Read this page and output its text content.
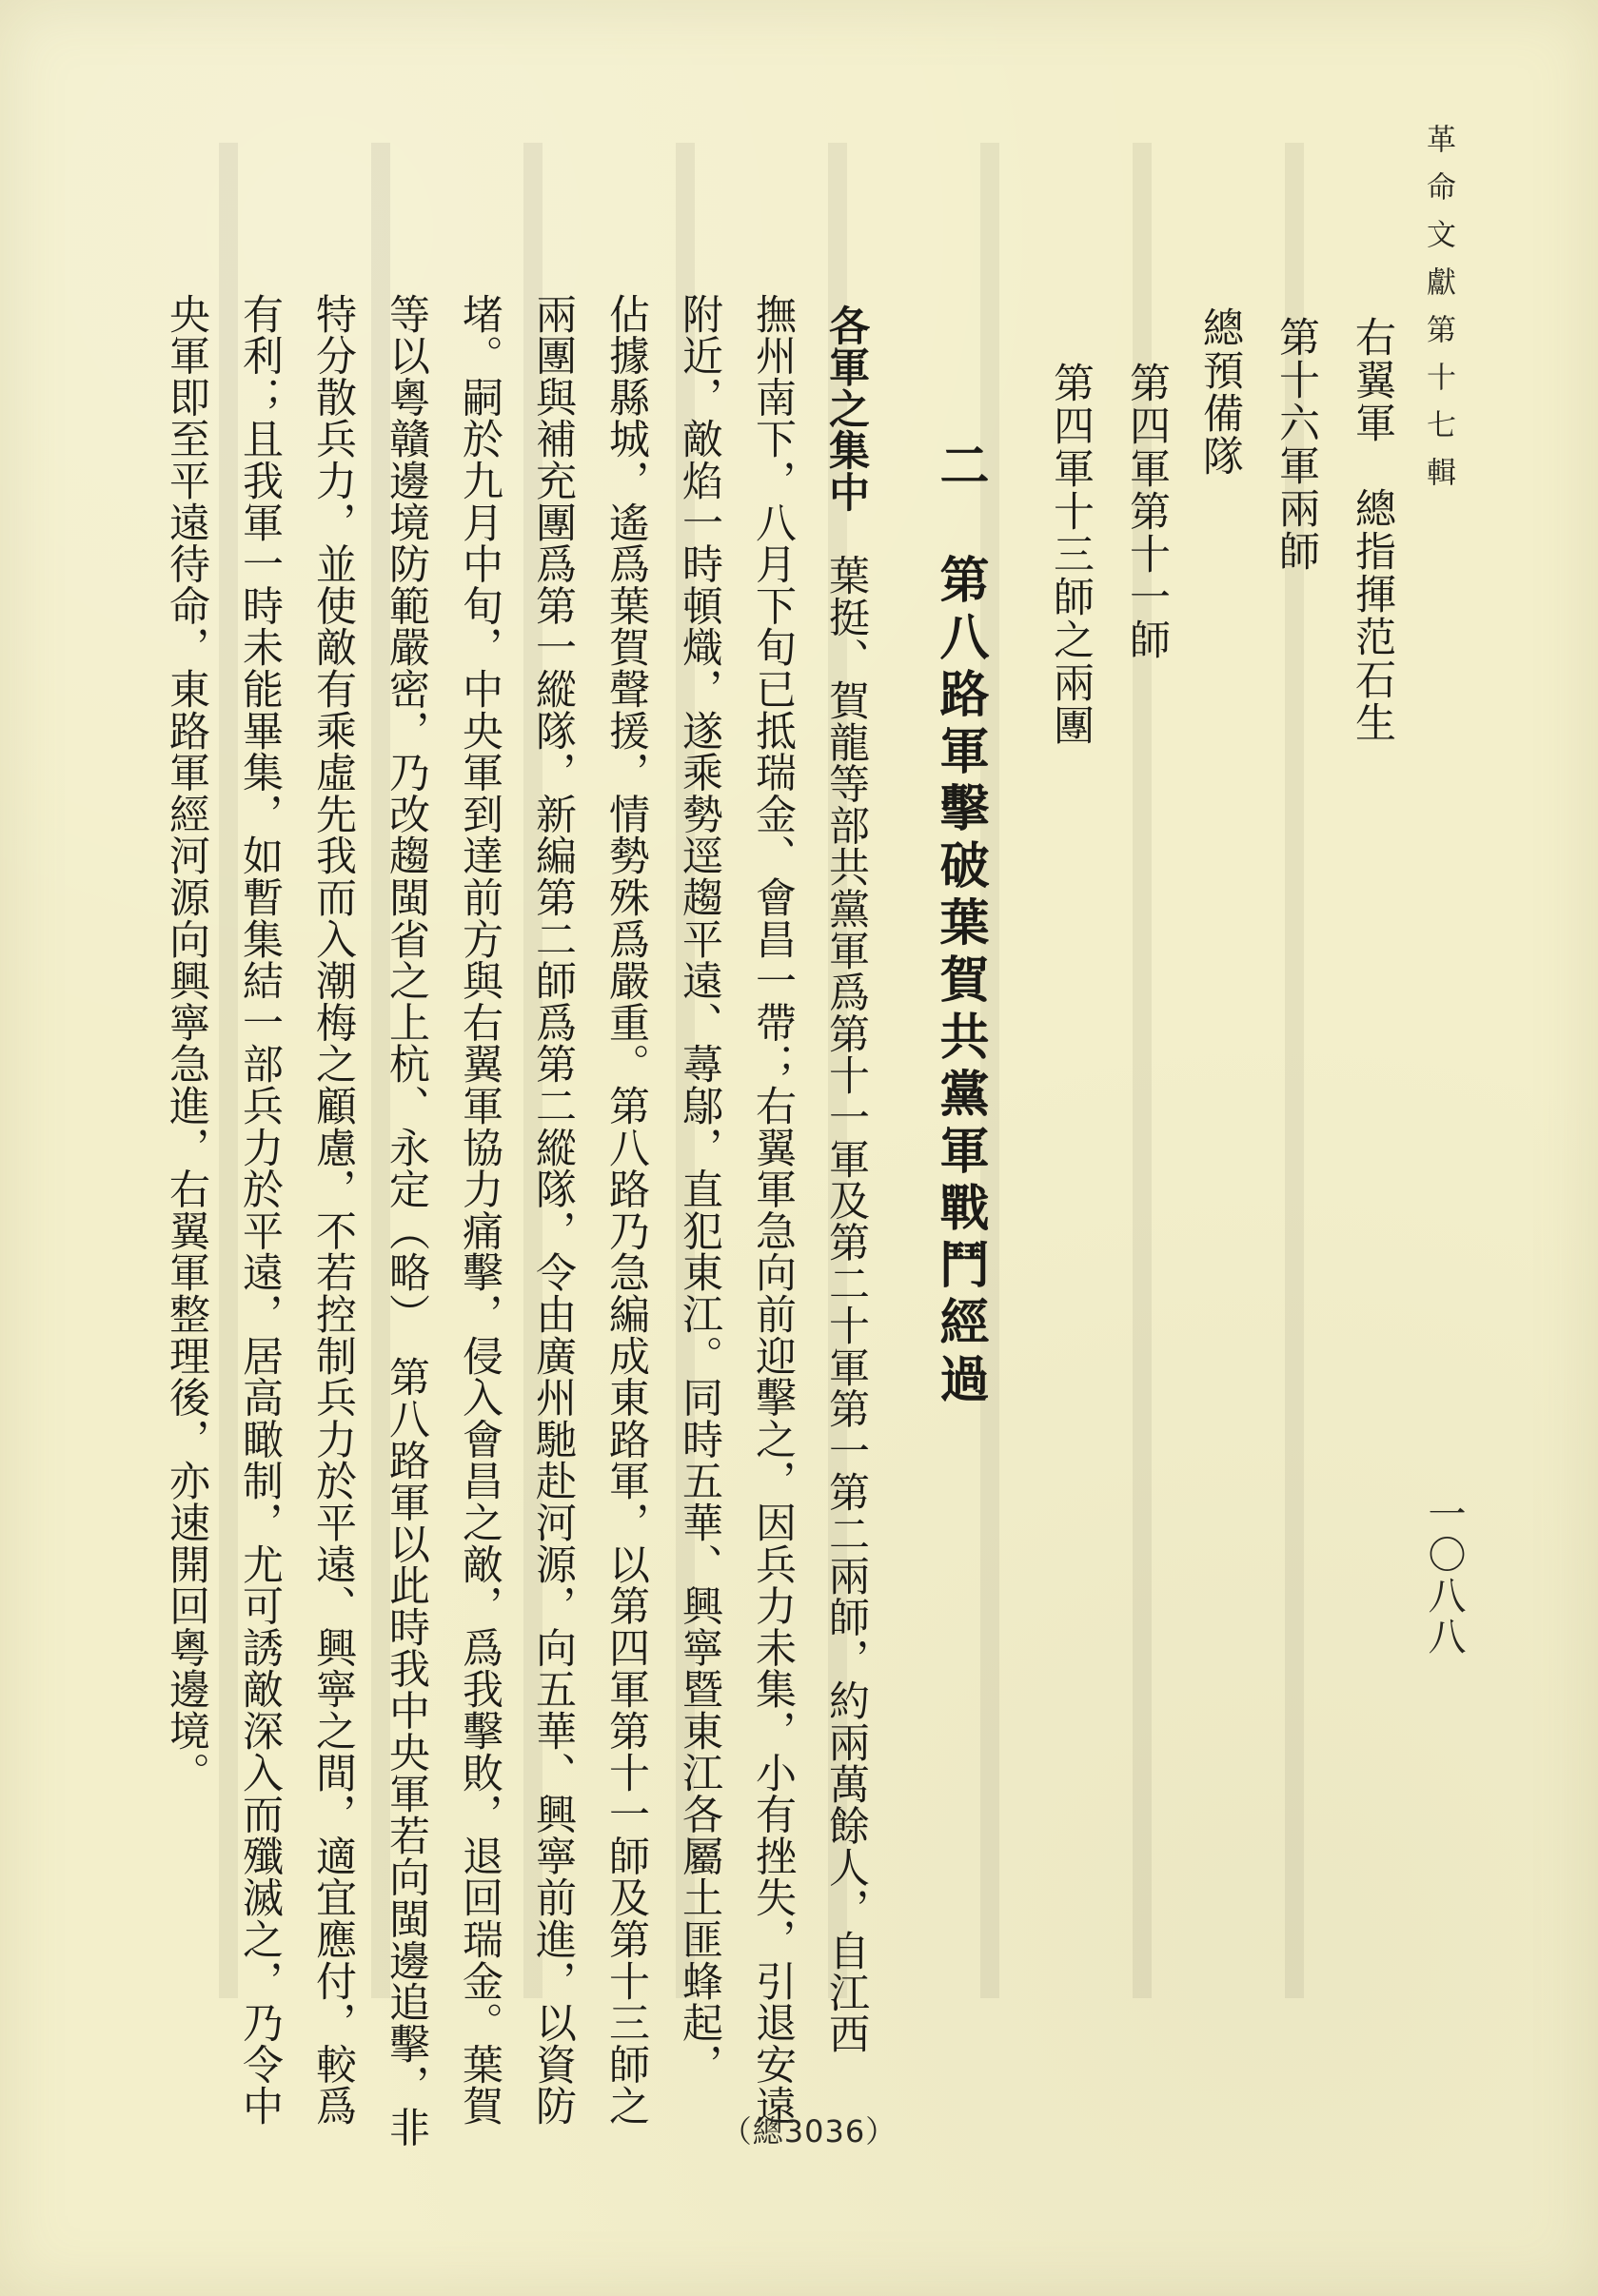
革命文獻第十七輯
一〇八八
右翼軍　總指揮范石生
第十六軍兩師
總預備隊
第四軍第十一師
第四軍十三師之兩團
二　第八路軍擊破葉賀共黨軍戰鬥經過
各軍之集中　葉挺、賀龍等部共黨軍爲第十一軍及第二十軍第一第二兩師，約兩萬餘人，自江西
撫州南下，八月下旬已抵瑞金、會昌一帶；右翼軍急向前迎擊之，因兵力未集，小有挫失，引退安遠
附近，敵焰一時頓熾，遂乘勢逕趨平遠、蕁鄔，直犯東江。同時五華、興寧暨東江各屬土匪蜂起，
佔據縣城，遙爲葉賀聲援，情勢殊爲嚴重。第八路乃急編成東路軍，以第四軍第十一師及第十三師之
兩團與補充團爲第一縱隊，新編第二師爲第二縱隊，令由廣州馳赴河源，向五華、興寧前進，以資防
堵。嗣於九月中旬，中央軍到達前方與右翼軍協力痛擊，侵入會昌之敵，爲我擊敗，退回瑞金。葉賀
等以粵贛邊境防範嚴密，乃改趨閩省之上杭、永定（略）　第八路軍以此時我中央軍若向閩邊追擊，非
特分散兵力，並使敵有乘虛先我而入潮梅之顧慮，不若控制兵力於平遠、興寧之間，適宜應付，較爲
有利；且我軍一時未能畢集，如暫集結一部兵力於平遠，居高瞰制，尤可誘敵深入而殲滅之，乃令中
央軍即至平遠待命，東路軍經河源向興寧急進，右翼軍整理後，亦速開回粵邊境。
（總3036）
